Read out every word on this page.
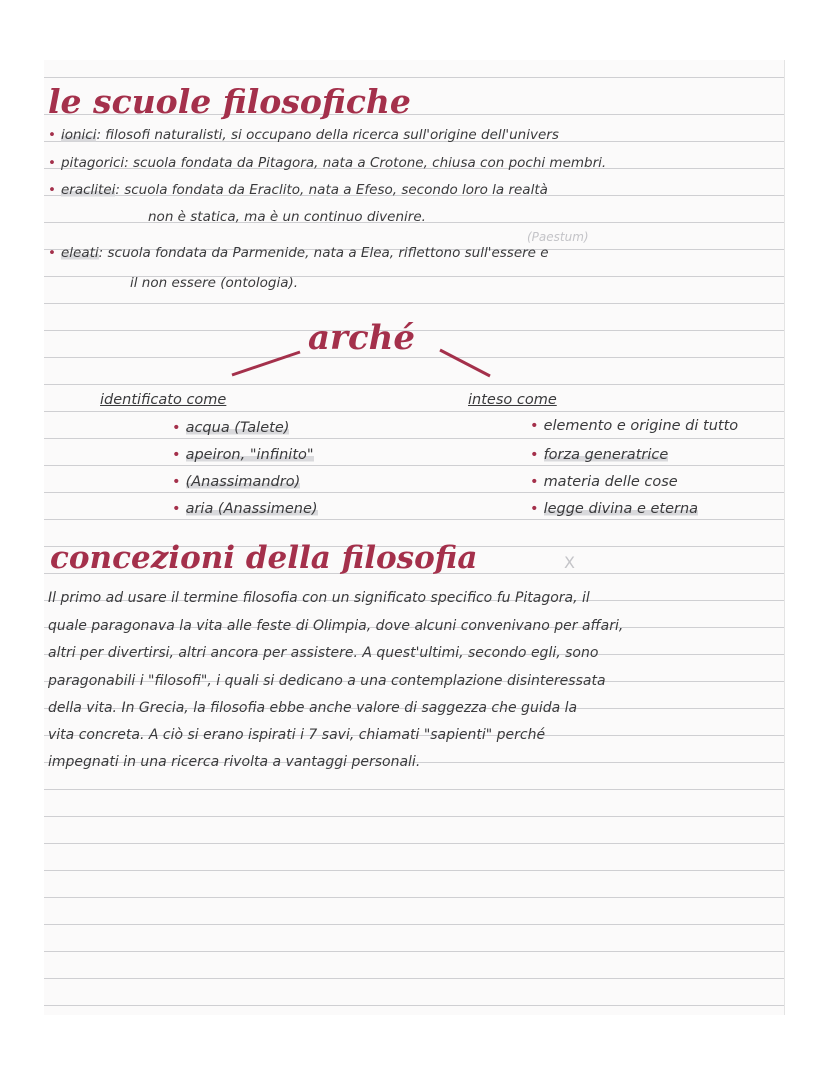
le scuole filosofiche
• ionici: filosofi naturalisti, si occupano della ricerca sull'origine dell'univers
• pitagorici: scuola fondata da Pitagora, nata a Crotone, chiusa con pochi membri.
• eraclitei: scuola fondata da Eraclito, nata a Efeso, secondo loro la realtà
non è statica, ma è un continuo divenire.
(Paestum)
• eleati: scuola fondata da Parmenide, nata a Elea, riflettono sull'essere e
il non essere (ontologia).
arché
identificato come	inteso come
• acqua (Talete)
• apeiron, "infinito"
• (Anassimandro)
• aria (Anassimene)
• elemento e origine di tutto
• forza generatrice
• materia delle cose
• legge divina e eterna
concezioni della filosofia	X
Il primo ad usare il termine filosofia con un significato specifico fu Pitagora, il
quale paragonava la vita alle feste di Olimpia, dove alcuni convenivano per affari,
altri per divertirsi, altri ancora per assistere. A quest'ultimi, secondo egli, sono
paragonabili i "filosofi", i quali si dedicano a una contemplazione disinteressata
della vita. In Grecia, la filosofia ebbe anche valore di saggezza che guida la
vita concreta. A ciò si erano ispirati i 7 savi, chiamati "sapienti" perché
impegnati in una ricerca rivolta a vantaggi personali.
